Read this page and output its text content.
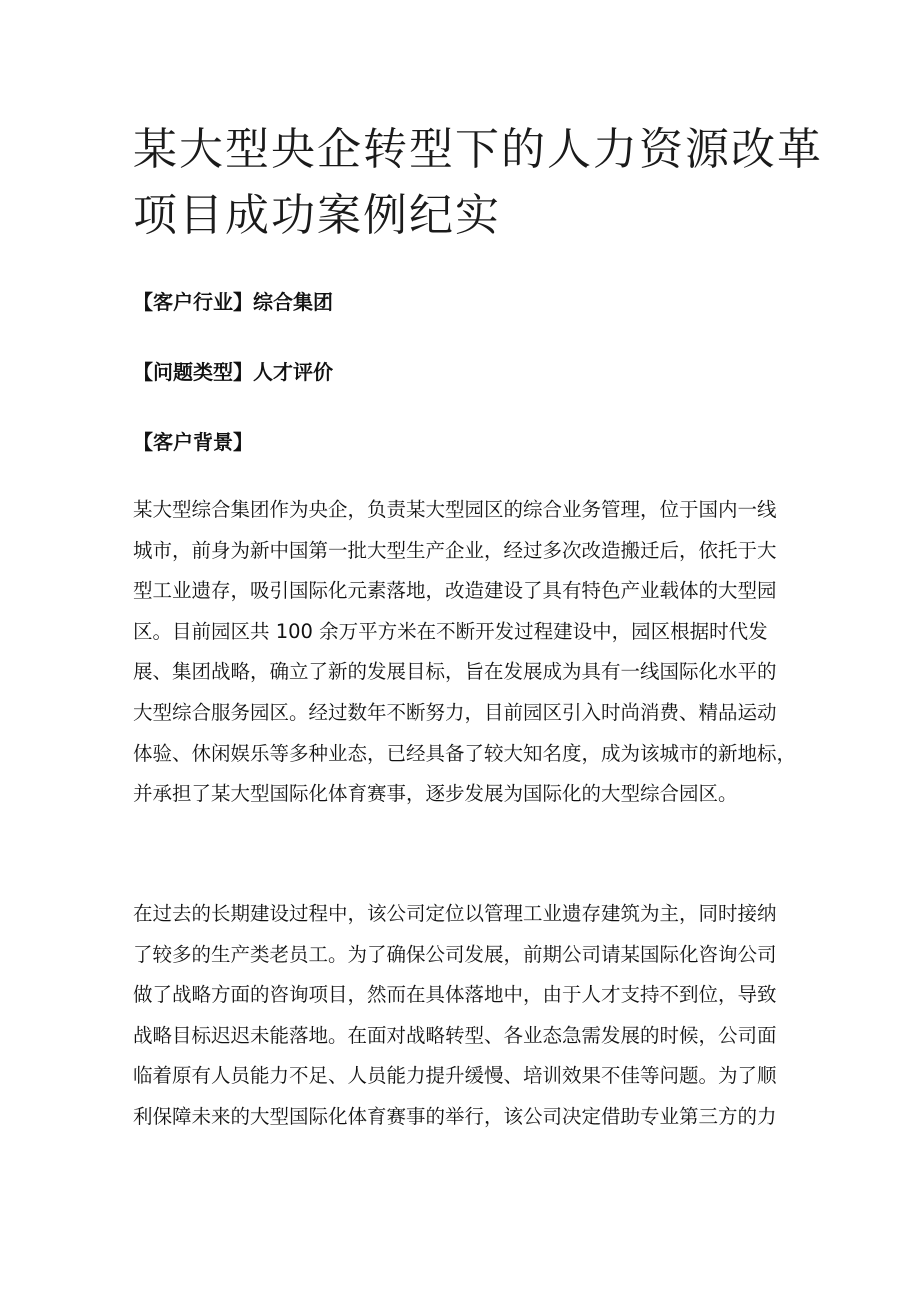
某大型央企转型下的人力资源改革
项目成功案例纪实

【客户行业】综合集团

【问题类型】人才评价

【客户背景】

某大型综合集团作为央企，负责某大型园区的综合业务管理，位于国内一线
城市，前身为新中国第一批大型生产企业，经过多次改造搬迁后，依托于大
型工业遗存，吸引国际化元素落地，改造建设了具有特色产业载体的大型园
区。目前园区共 100 余万平方米在不断开发过程建设中，园区根据时代发
展、集团战略，确立了新的发展目标，旨在发展成为具有一线国际化水平的
大型综合服务园区。经过数年不断努力，目前园区引入时尚消费、精品运动
体验、休闲娱乐等多种业态，已经具备了较大知名度，成为该城市的新地标，
并承担了某大型国际化体育赛事，逐步发展为国际化的大型综合园区。

在过去的长期建设过程中，该公司定位以管理工业遗存建筑为主，同时接纳
了较多的生产类老员工。为了确保公司发展，前期公司请某国际化咨询公司
做了战略方面的咨询项目，然而在具体落地中，由于人才支持不到位，导致
战略目标迟迟未能落地。在面对战略转型、各业态急需发展的时候，公司面
临着原有人员能力不足、人员能力提升缓慢、培训效果不佳等问题。为了顺
利保障未来的大型国际化体育赛事的举行，该公司决定借助专业第三方的力
